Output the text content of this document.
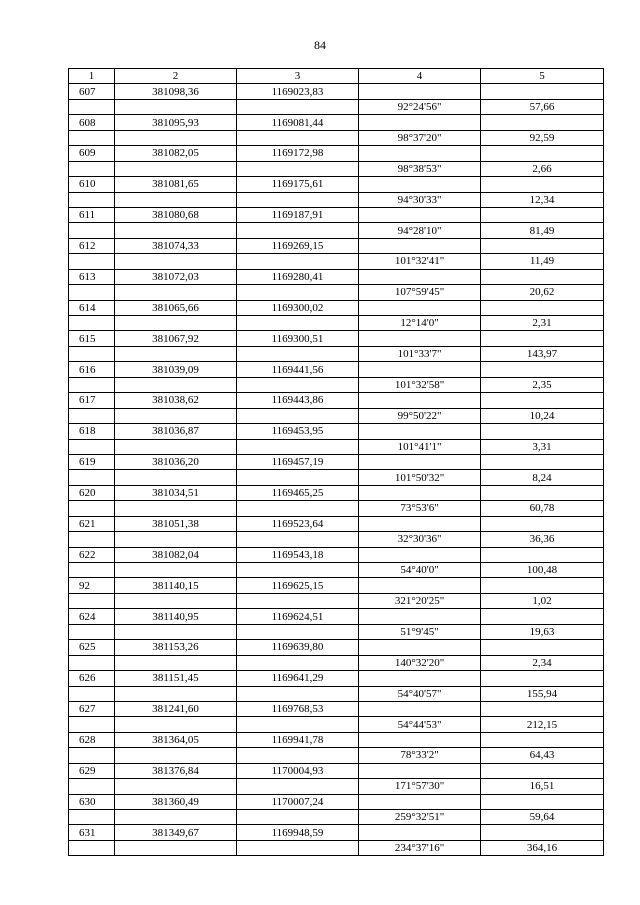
84
1	2	3	4	5
607	381098,36	1169023,83		
			92°24'56"	57,66
608	381095,93	1169081,44		
			98°37'20"	92,59
609	381082,05	1169172,98		
			98°38'53"	2,66
610	381081,65	1169175,61		
			94°30'33"	12,34
611	381080,68	1169187,91		
			94°28'10"	81,49
612	381074,33	1169269,15		
			101°32'41"	11,49
613	381072,03	1169280,41		
			107°59'45"	20,62
614	381065,66	1169300,02		
			12°14'0"	2,31
615	381067,92	1169300,51		
			101°33'7"	143,97
616	381039,09	1169441,56		
			101°32'58"	2,35
617	381038,62	1169443,86		
			99°50'22"	10,24
618	381036,87	1169453,95		
			101°41'1"	3,31
619	381036,20	1169457,19		
			101°50'32"	8,24
620	381034,51	1169465,25		
			73°53'6"	60,78
621	381051,38	1169523,64		
			32°30'36"	36,36
622	381082,04	1169543,18		
			54°40'0"	100,48
92	381140,15	1169625,15		
			321°20'25"	1,02
624	381140,95	1169624,51		
			51°9'45"	19,63
625	381153,26	1169639,80		
			140°32'20"	2,34
626	381151,45	1169641,29		
			54°40'57"	155,94
627	381241,60	1169768,53		
			54°44'53"	212,15
628	381364,05	1169941,78		
			78°33'2"	64,43
629	381376,84	1170004,93		
			171°57'30"	16,51
630	381360,49	1170007,24		
			259°32'51"	59,64
631	381349,67	1169948,59		
			234°37'16"	364,16
